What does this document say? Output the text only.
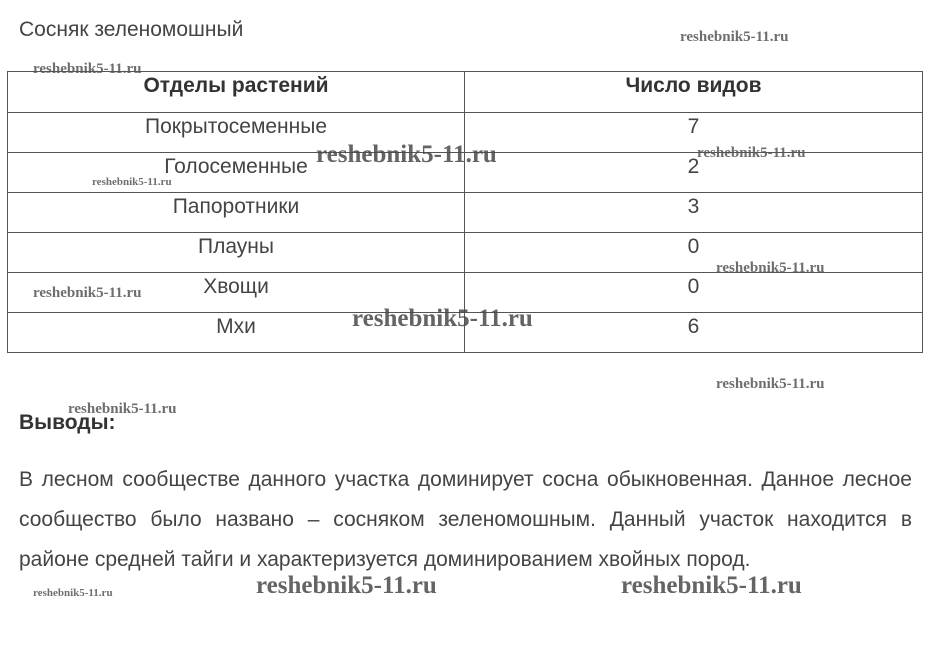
Сосняк зеленомошный
Отделы растений	Число видов
Покрытосеменные	7
Голосеменные	2
Папоротники	3
Плауны	0
Хвощи	0
Мхи	6
Выводы:
В лесном сообществе данного участка доминирует сосна обыкновенная. Данное лесное сообщество было названо – сосняком зеленомошным. Данный участок находится в районе средней тайги и характеризуется доминированием хвойных пород.
reshebnik5-11.ru
reshebnik5-11.ru
reshebnik5-11.ru	reshebnik5-11.ru
reshebnik5-11.ru
reshebnik5-11.ru
reshebnik5-11.ru
reshebnik5-11.ru
reshebnik5-11.ru
reshebnik5-11.ru
reshebnik5-11.ru	reshebnik5-11.ru	reshebnik5-11.ru
